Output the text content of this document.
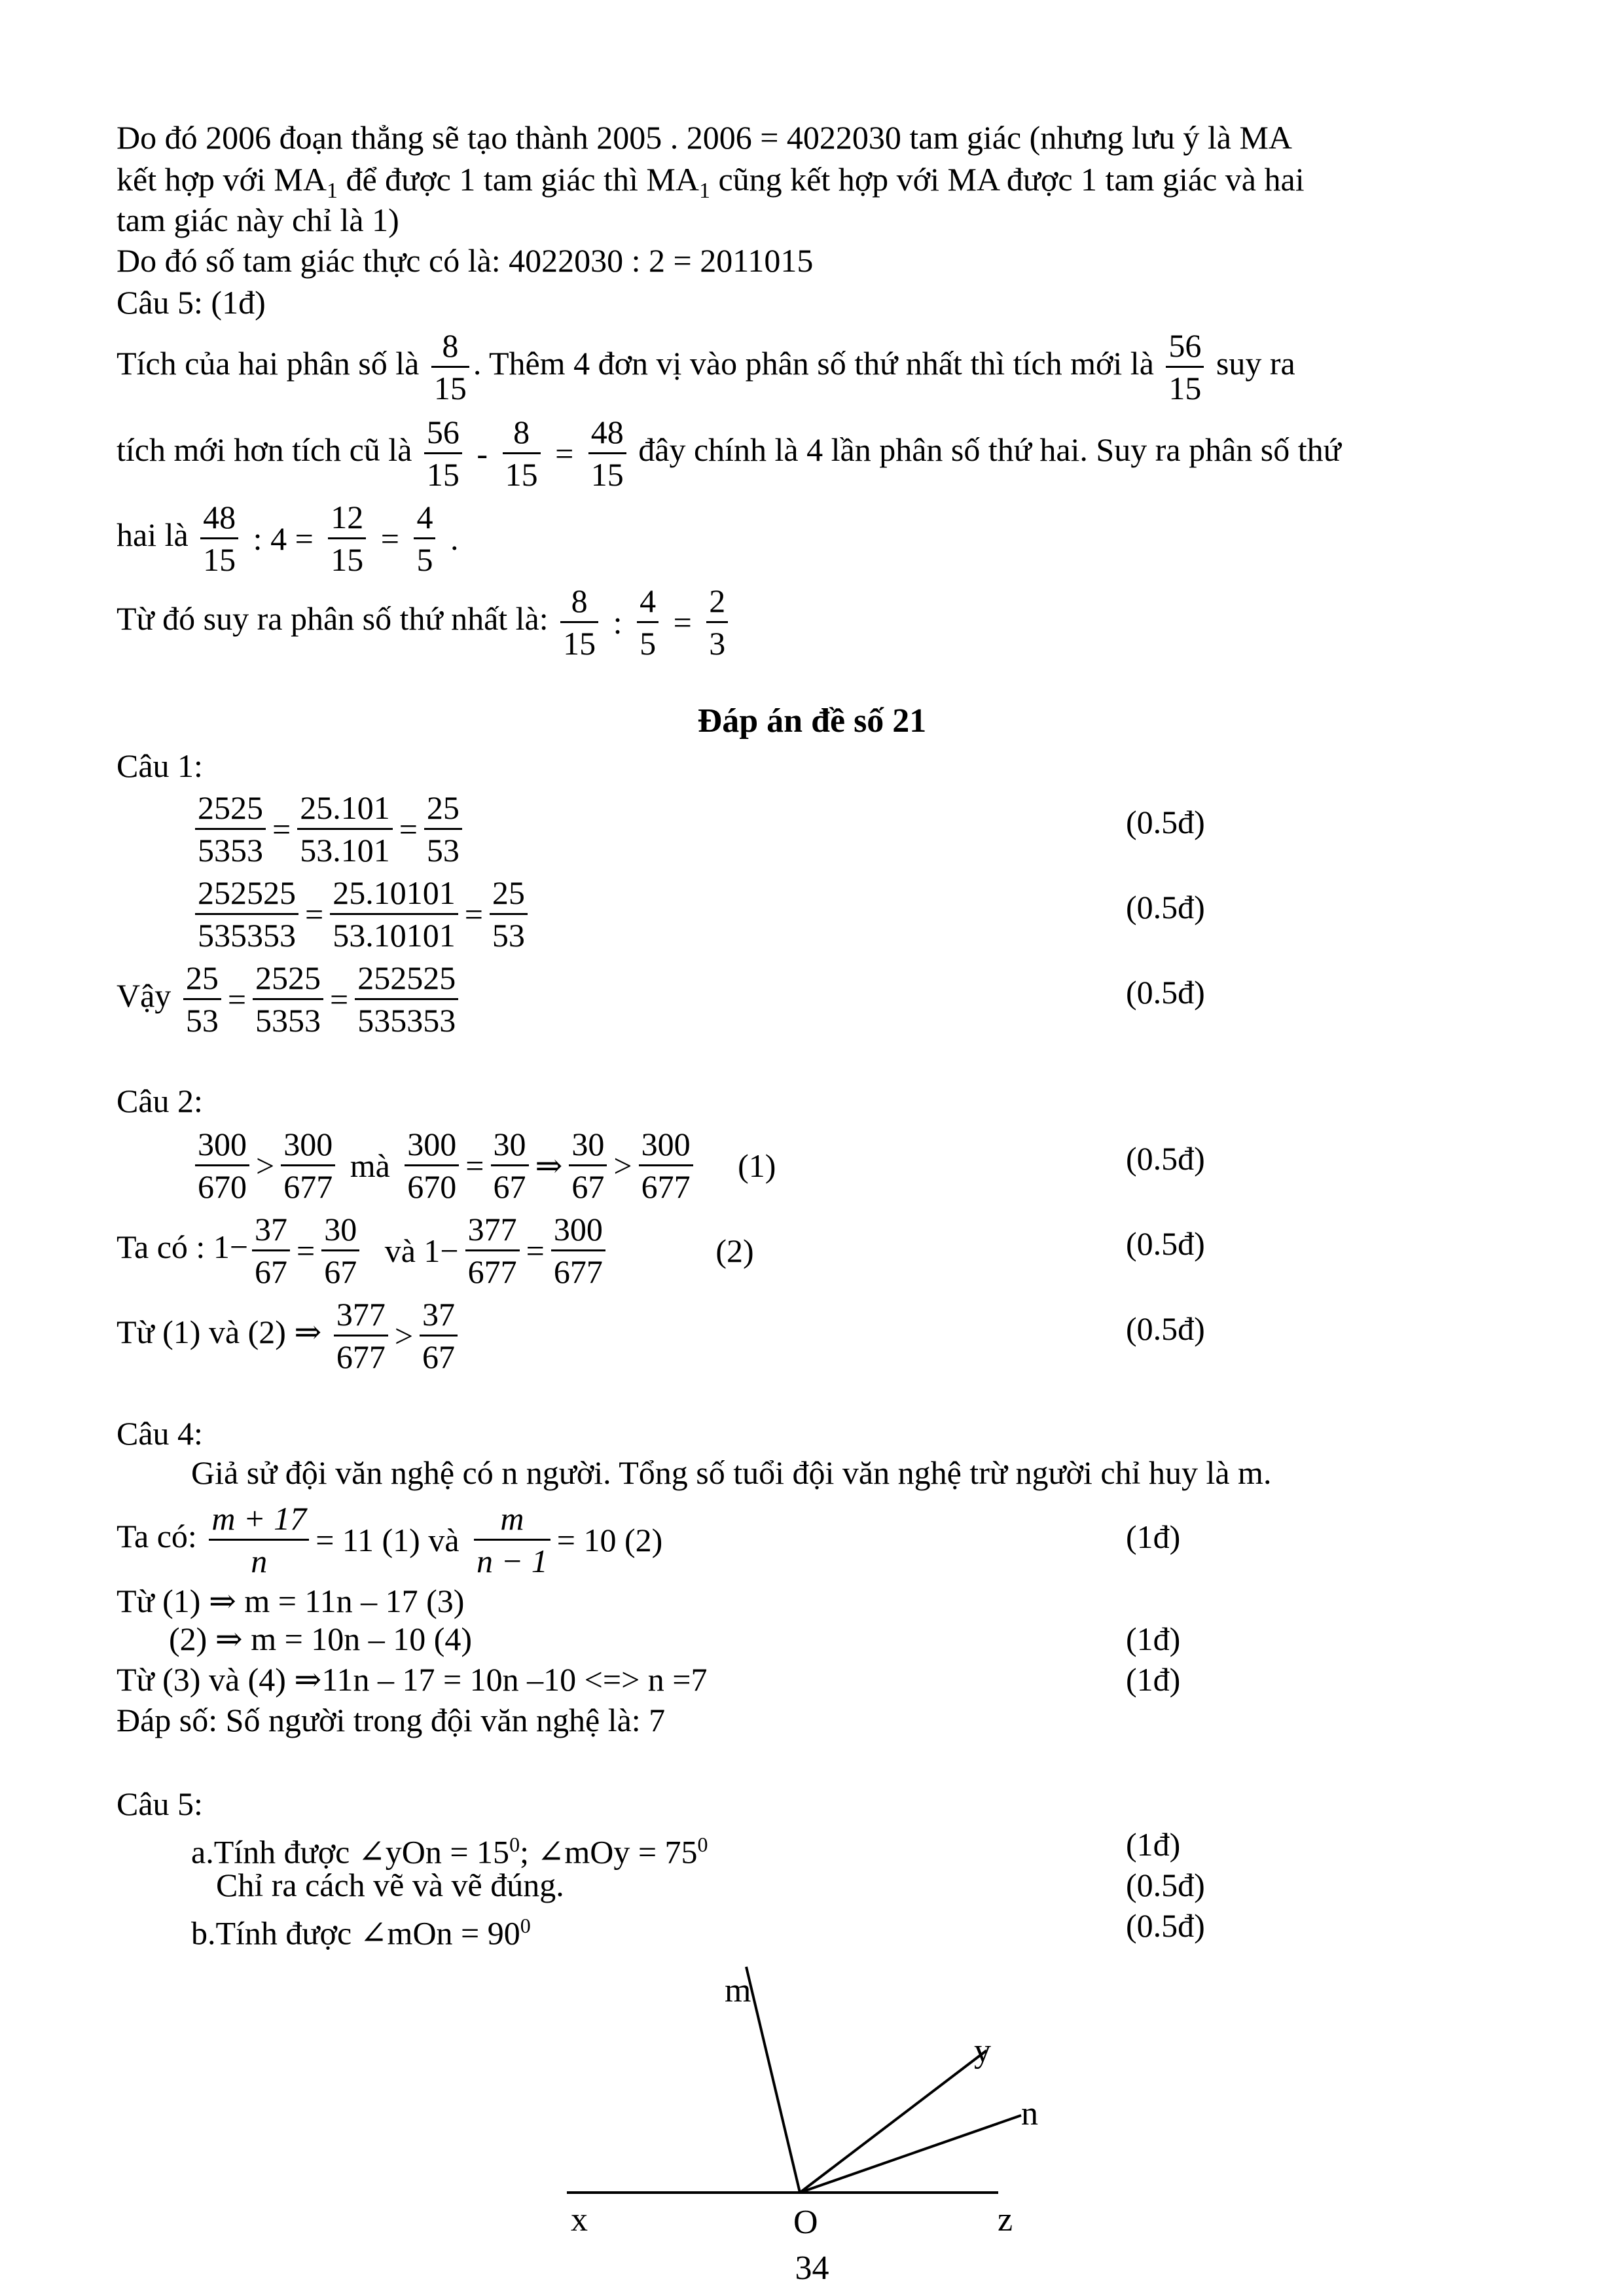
Do đó 2006 đoạn thẳng sẽ tạo thành 2005 . 2006 = 4022030 tam giác (nhưng lưu ý là MA
kết hợp với $MA_1$ để được 1 tam giác thì $MA_1$ cũng kết hợp với MA được 1 tam giác và hai
tam giác này chỉ là 1)
Do đó số tam giác thực có là: 4022030 : 2 = 2011015
Câu 5: (1đ)
Tích của hai phân số là $\frac{8}{15}$ . Thêm 4 đơn vị vào phân số thứ nhất thì tích mới là $\frac{56}{15}$ suy ra
tích mới hơn tích cũ là $\frac{56}{15} - \frac{8}{15} = \frac{48}{15}$ đây chính là 4 lần phân số thứ hai. Suy ra phân số thứ
hai là $\frac{48}{15}$ : $4 = \frac{12}{15} = \frac{4}{5}$ .
Từ đó suy ra phân số thứ nhất là: $\frac{8}{15}$ : $\frac{4}{5} = \frac{2}{3}$
Đáp án đề số 21
Câu 1:
$\frac{2525}{5353} = \frac{25.101}{53.101} = \frac{25}{53}$	(0.5đ)
$\frac{252525}{535353} = \frac{25.10101}{53.10101} = \frac{25}{53}$	(0.5đ)
Vậy $\frac{25}{53} = \frac{2525}{5353} = \frac{252525}{535353}$	(0.5đ)
Câu 2:
$\frac{300}{670} > \frac{300}{677}$ mà $\frac{300}{670} = \frac{30}{67}$ ⇒ $\frac{30}{67} > \frac{300}{677} (1)$	(0.5đ)
Ta có : $1- \frac{37}{67} = \frac{30}{67}$ và $1- \frac{377}{677} = \frac{300}{677}$	(2)	(0.5đ)
Từ (1) và (2) ⇒ $\frac{377}{677} > \frac{37}{67}$	(0.5đ)
Câu 4:
Giả sử đội văn nghệ có n người. Tổng số tuổi đội văn nghệ trừ người chỉ huy là m.
Ta có: $\frac{m + 17}{n} = 11$ (1) và $\frac{m}{n - 1} = 10$ (2)	(1đ)
Từ (1) ⇒ m = 11n – 17 (3)
(2) ⇒ m = 10n – 10 (4)	(1đ)
Từ (3) và (4) ⇒11n – 17 = 10n –10 <=> n =7	(1đ)
Đáp số: Số người trong đội văn nghệ là: 7
Câu 5:
a.Tính được ∠yOn = $15^0$; ∠mOy = $75^0$	(1đ)
Chỉ ra cách vẽ và vẽ đúng.	(0.5đ)
b.Tính được ∠mOn = $90^0$	(0.5đ)
m
y
n
x	O	z
34
